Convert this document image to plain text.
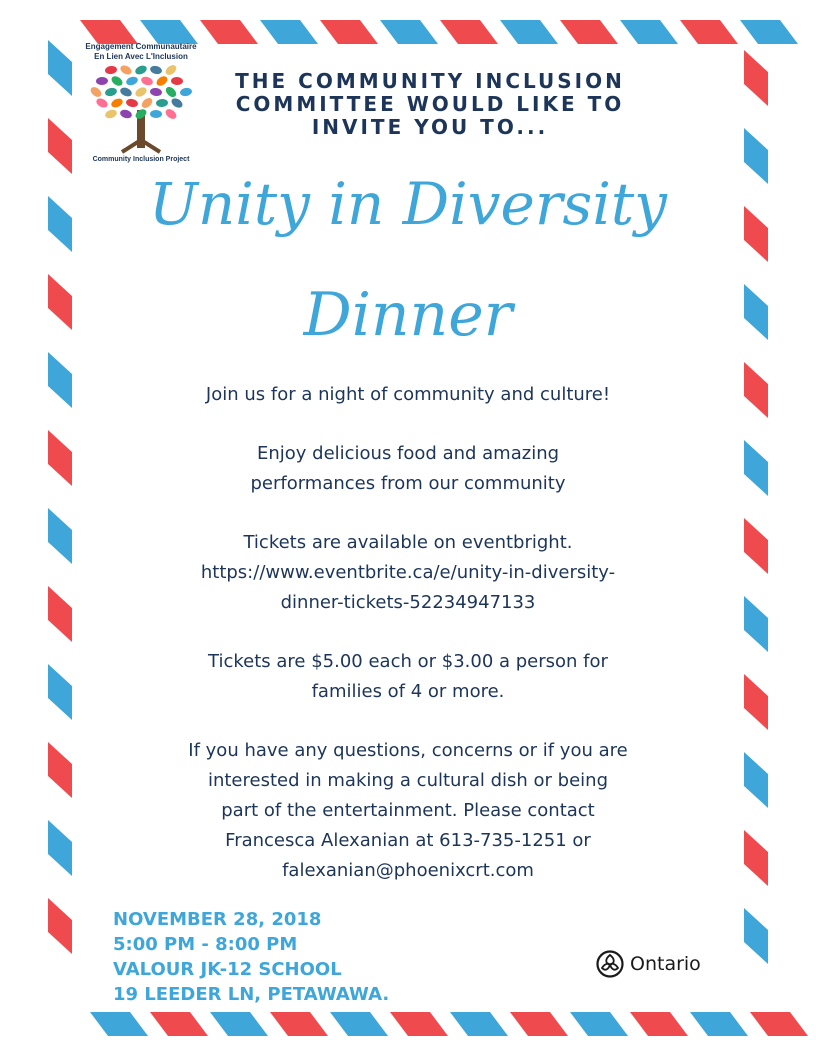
Engagement Communautaire
En Lien Avec L'Inclusion
Community Inclusion Project
THE COMMUNITY INCLUSION
COMMITTEE WOULD LIKE TO
INVITE YOU TO...
Unity in Diversity
Dinner

Join us for a night of community and culture!

Enjoy delicious food and amazing
performances from our community

Tickets are available on eventbright.
https://www.eventbrite.ca/e/unity-in-diversity-
dinner-tickets-52234947133

Tickets are $5.00 each or $3.00 a person for
families of 4 or more.

If you have any questions, concerns or if you are
interested in making a cultural dish or being
part of the entertainment. Please contact
Francesca Alexanian at 613-735-1251 or
falexanian@phoenixcrt.com

NOVEMBER 28, 2018
5:00 PM - 8:00 PM
VALOUR JK-12 SCHOOL
19 LEEDER LN, PETAWAWA.
Ontario
